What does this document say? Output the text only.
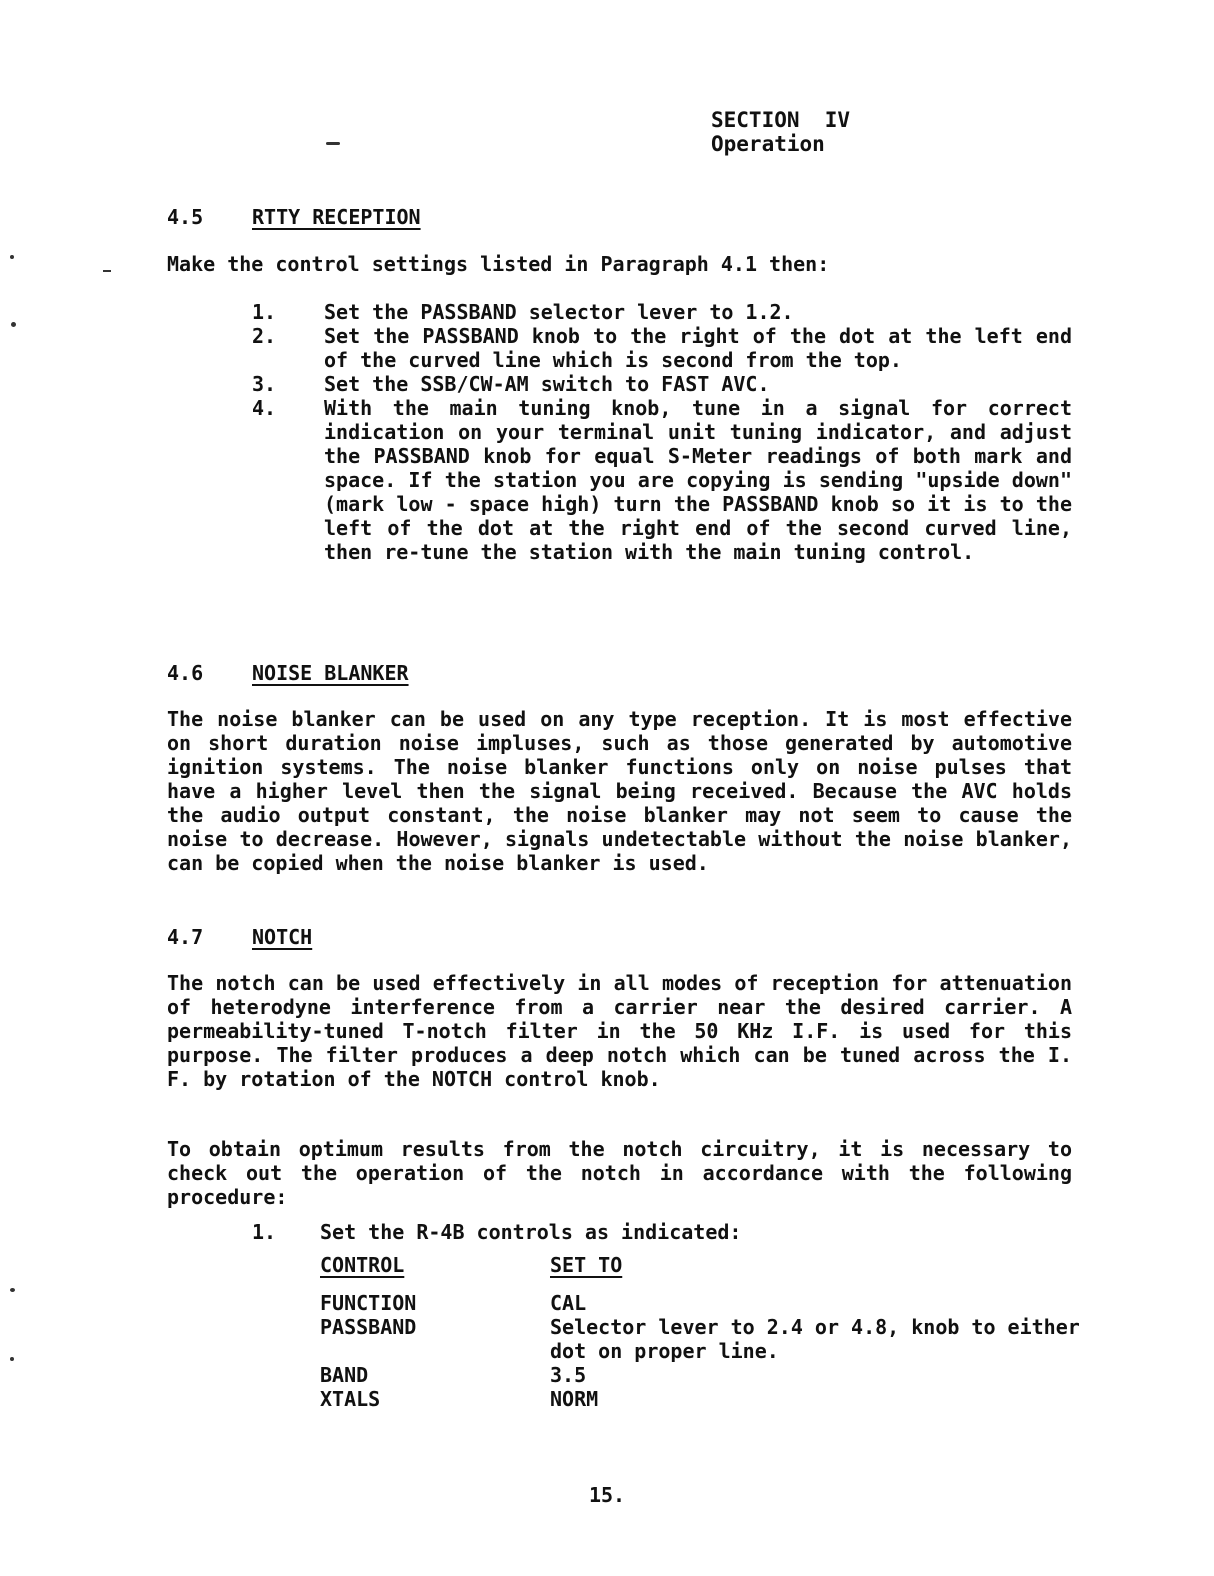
SECTION  IV
Operation
4.5 RTTY RECEPTION
Make the control settings listed in Paragraph 4.1 then:
1. Set the PASSBAND selector lever to 1.2.
2. Set the PASSBAND knob to the right of the dot at the left end of the curved line which is second from the top.
3. Set the SSB/CW-AM switch to FAST AVC.
4. With the main tuning knob, tune in a signal for correct indication on your terminal unit tuning indicator, and adjust the PASSBAND knob for equal S-Meter readings of both mark and space. If the station you are copying is sending "upside down" (mark low - space high) turn the PASSBAND knob so it is to the left of the dot at the right end of the second curved line, then re-tune the station with the main tuning control.
4.6 NOISE BLANKER
The noise blanker can be used on any type reception. It is most effective on short duration noise impluses, such as those generated by automotive ignition systems. The noise blanker functions only on noise pulses that have a higher level then the signal being received. Because the AVC holds the audio output constant, the noise blanker may not seem to cause the noise to decrease. However, signals undetectable without the noise blanker, can be copied when the noise blanker is used.
4.7 NOTCH
The notch can be used effectively in all modes of reception for attenuation of heterodyne interference from a carrier near the desired carrier. A permeability-tuned T-notch filter in the 50 KHz I.F. is used for this purpose. The filter produces a deep notch which can be tuned across the I. F. by rotation of the NOTCH control knob.
To obtain optimum results from the notch circuitry, it is necessary to check out the operation of the notch in accordance with the following procedure:
1. Set the R-4B controls as indicated:
CONTROL	SET TO
FUNCTION	CAL
PASSBAND	Selector lever to 2.4 or 4.8, knob to either dot on proper line.
BAND	3.5
XTALS	NORM
15.
